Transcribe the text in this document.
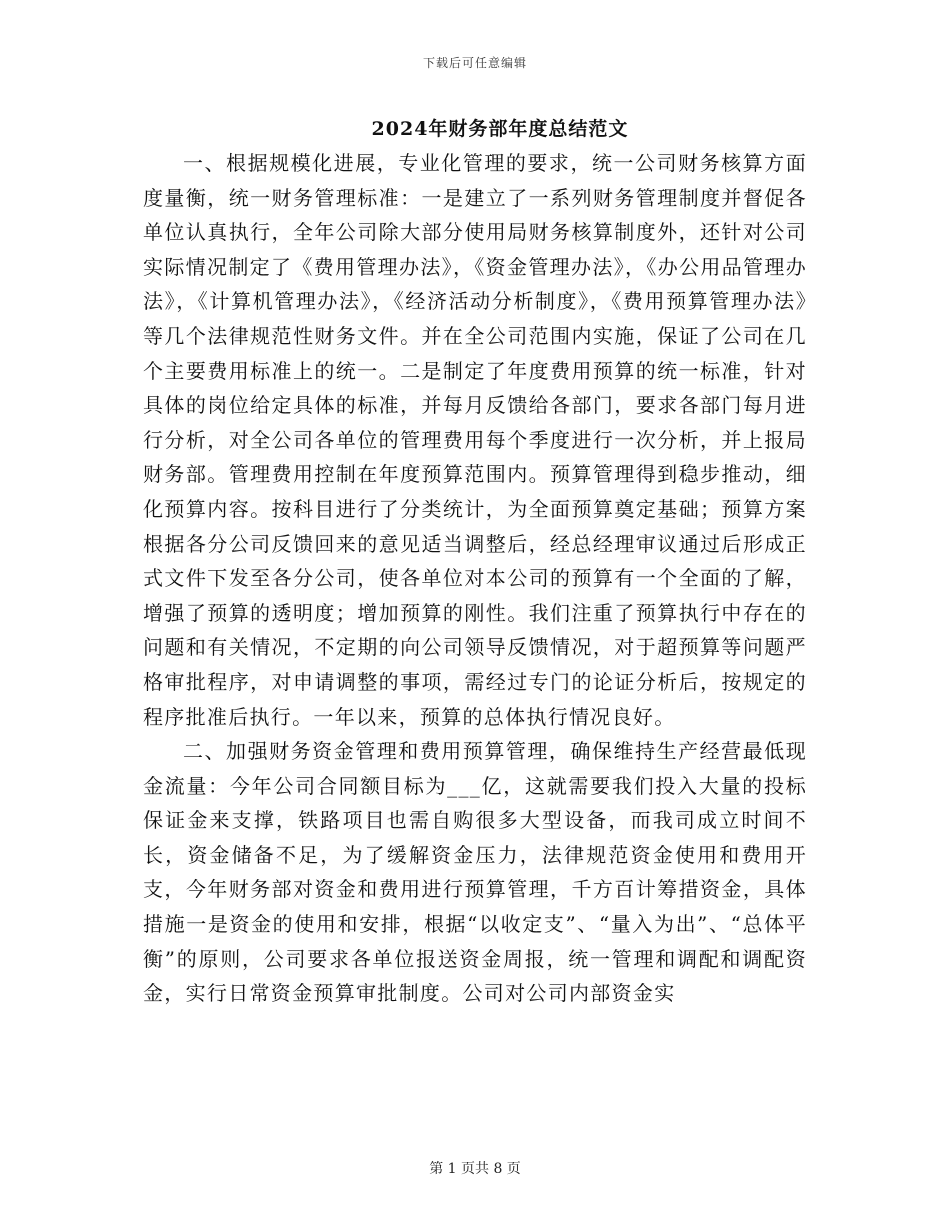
下载后可任意编辑
2024年财务部年度总结范文

一、根据规模化进展，专业化管理的要求，统一公司财务核算方面度量衡，统一财务管理标准：一是建立了一系列财务管理制度并督促各单位认真执行，全年公司除大部分使用局财务核算制度外，还针对公司实际情况制定了《费用管理办法》，《资金管理办法》，《办公用品管理办法》，《计算机管理办法》，《经济活动分析制度》，《费用预算管理办法》等几个法律规范性财务文件。并在全公司范围内实施，保证了公司在几个主要费用标准上的统一。二是制定了年度费用预算的统一标准，针对具体的岗位给定具体的标准，并每月反馈给各部门，要求各部门每月进行分析，对全公司各单位的管理费用每个季度进行一次分析，并上报局财务部。管理费用控制在年度预算范围内。预算管理得到稳步推动，细化预算内容。按科目进行了分类统计，为全面预算奠定基础；预算方案根据各分公司反馈回来的意见适当调整后，经总经理审议通过后形成正式文件下发至各分公司，使各单位对本公司的预算有一个全面的了解，增强了预算的透明度；增加预算的刚性。我们注重了预算执行中存在的问题和有关情况，不定期的向公司领导反馈情况，对于超预算等问题严格审批程序，对申请调整的事项，需经过专门的论证分析后，按规定的程序批准后执行。一年以来，预算的总体执行情况良好。

二、加强财务资金管理和费用预算管理，确保维持生产经营最低现金流量：今年公司合同额目标为___亿，这就需要我们投入大量的投标保证金来支撑，铁路项目也需自购很多大型设备，而我司成立时间不长，资金储备不足，为了缓解资金压力，法律规范资金使用和费用开支，今年财务部对资金和费用进行预算管理，千方百计筹措资金，具体措施一是资金的使用和安排，根据“以收定支”、“量入为出”、“总体平衡”的原则，公司要求各单位报送资金周报，统一管理和调配和调配资金，实行日常资金预算审批制度。公司对公司内部资金实

第 1 页共 8 页
